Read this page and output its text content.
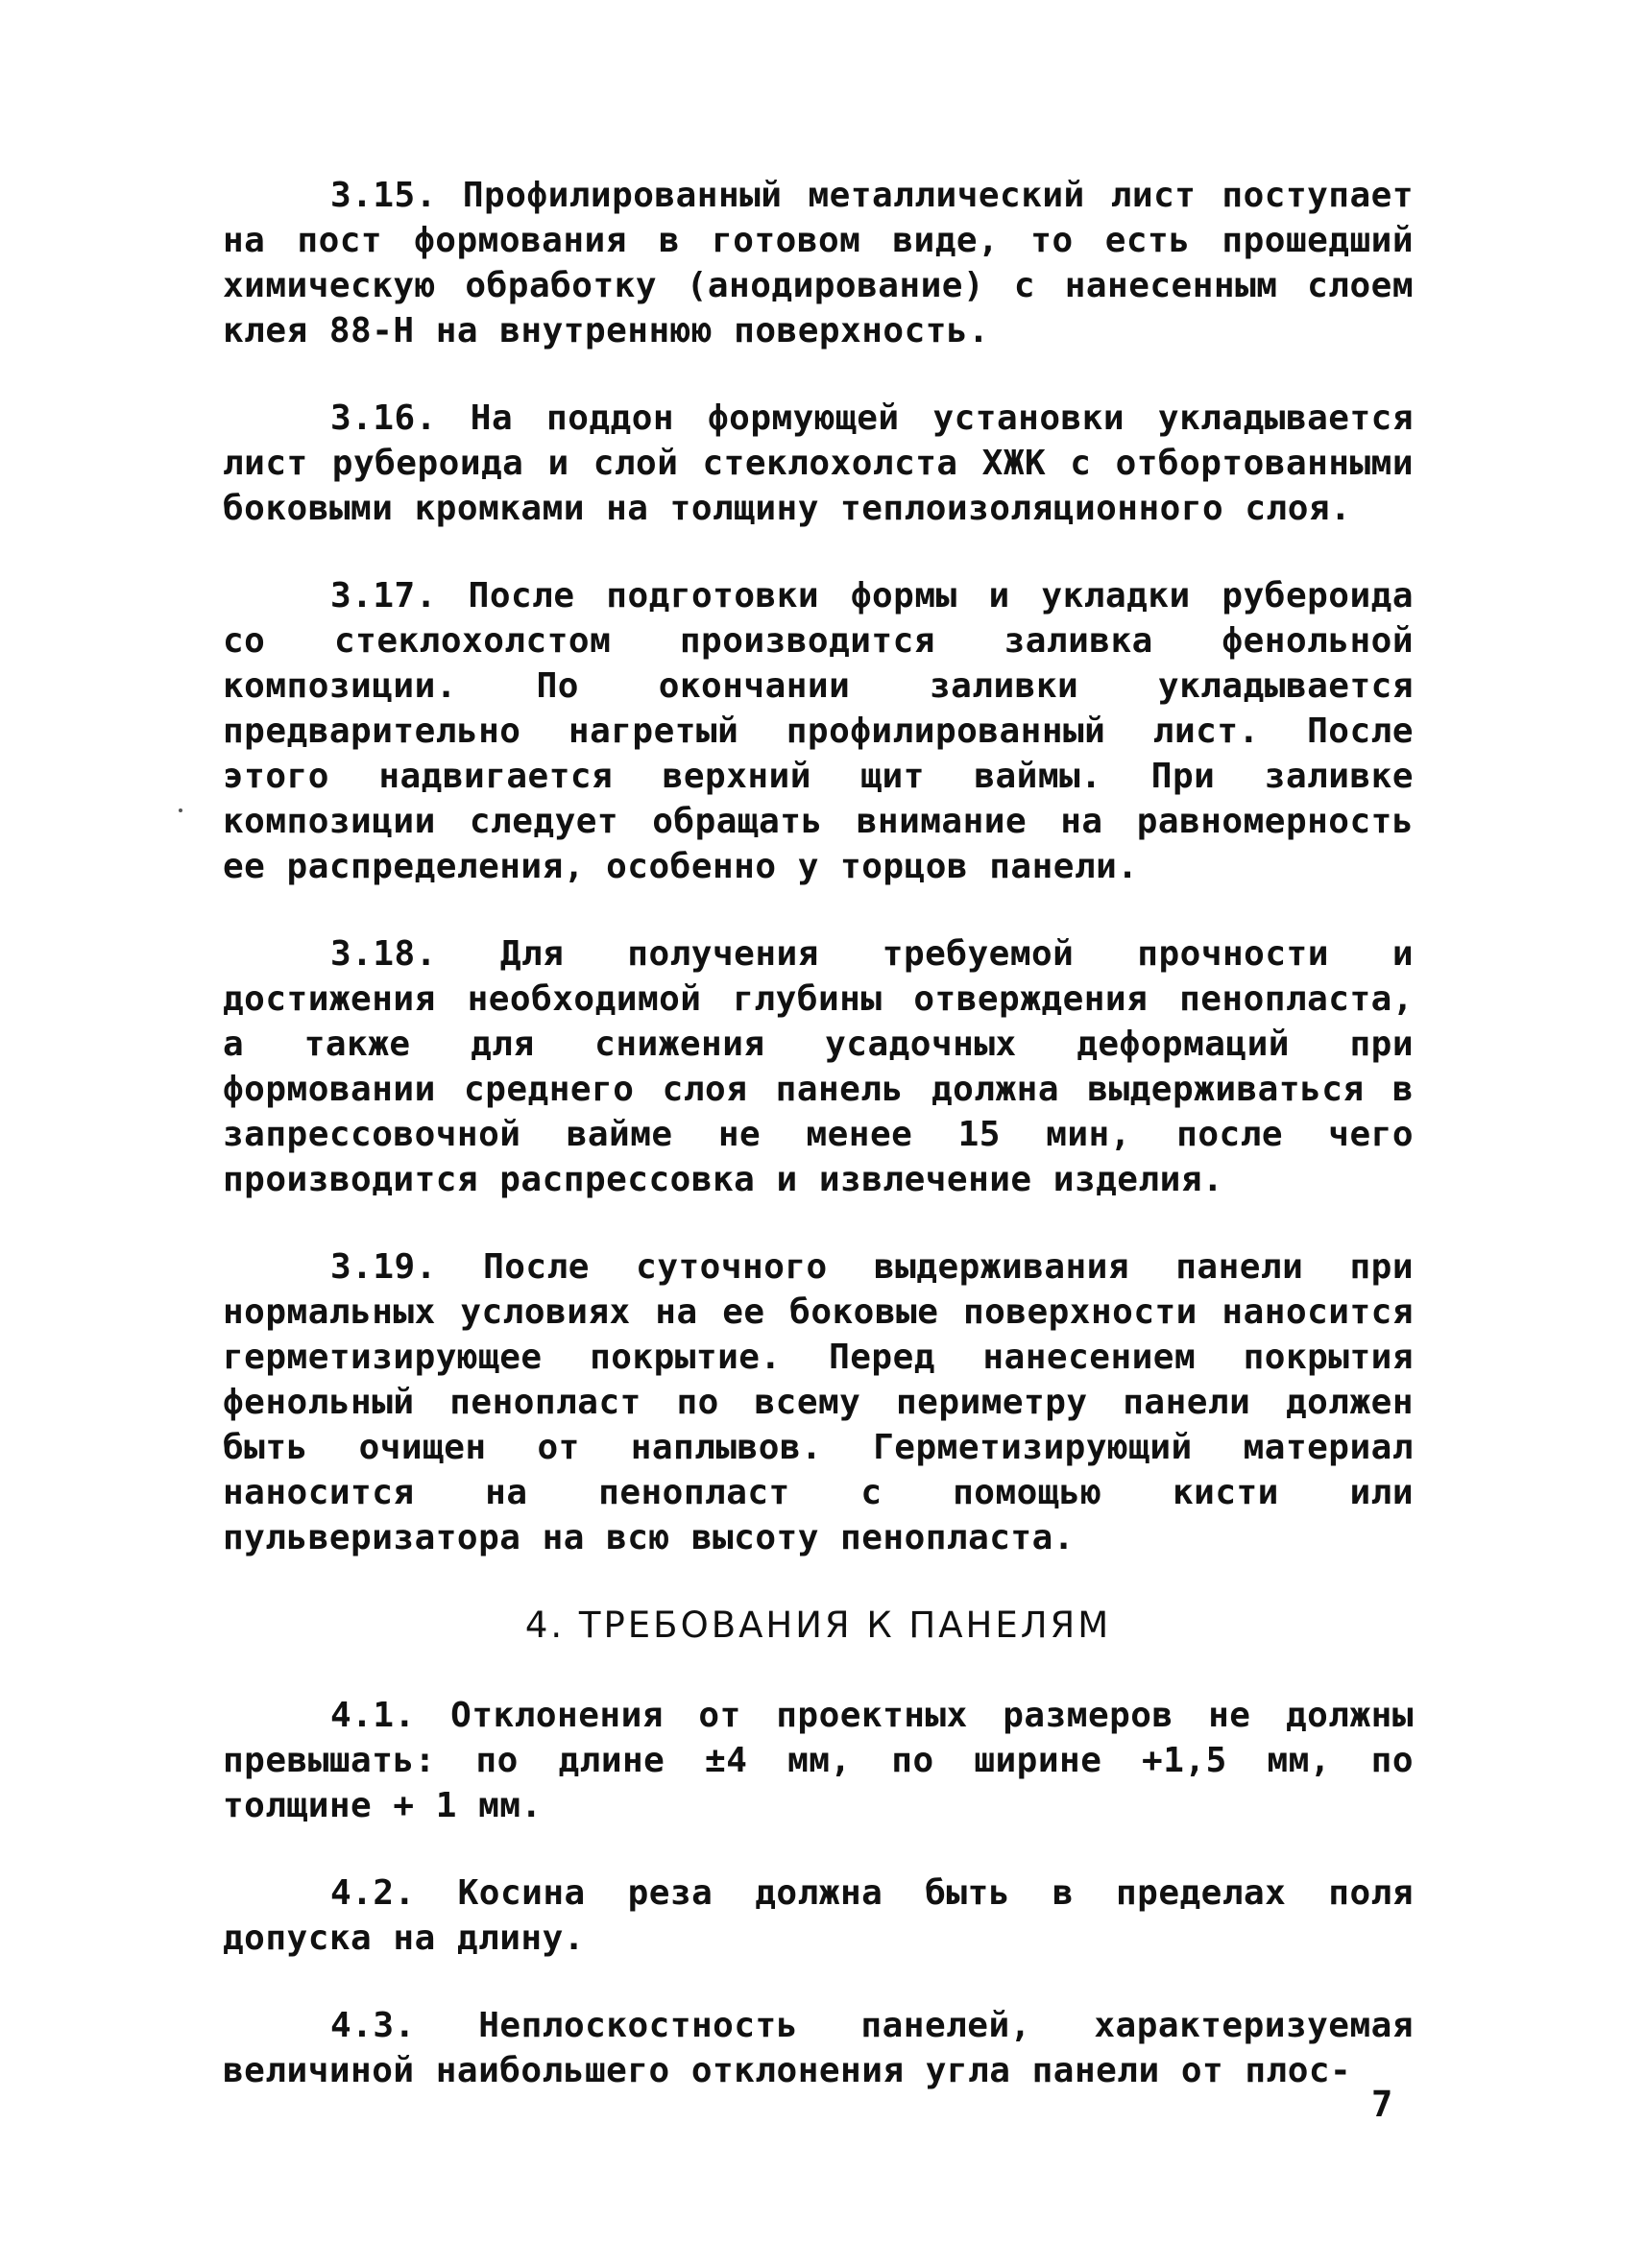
3.15. Профилированный металлический лист поступает на пост формования в готовом виде, то есть прошедший химическую обработку (анодирование) с нанесенным слоем клея 88-Н на внутреннюю поверхность.

3.16. На поддон формующей установки укладывается лист рубероида и слой стеклохолста ХЖК с отбортованными боковыми кромками на толщину теплоизоляционного слоя.

3.17. После подготовки формы и укладки рубероида со стеклохолстом производится заливка фенольной композиции. По окончании заливки укладывается предварительно нагретый профилированный лист. После этого надвигается верхний щит ваймы. При заливке композиции следует обращать внимание на равномерность ее распределения, особенно у торцов панели.

3.18. Для получения требуемой прочности и достижения необходимой глубины отверждения пенопласта, а также для снижения усадочных деформаций при формовании среднего слоя панель должна выдерживаться в запрессовочной вайме не менее 15 мин, после чего производится распрессовка и извлечение изделия.

3.19. После суточного выдерживания панели при нормальных условиях на ее боковые поверхности наносится герметизирующее покрытие. Перед нанесением покрытия фенольный пенопласт по всему периметру панели должен быть очищен от наплывов. Герметизирующий материал наносится на пенопласт с помощью кисти или пульверизатора на всю высоту пенопласта.

4. ТРЕБОВАНИЯ К ПАНЕЛЯМ

4.1. Отклонения от проектных размеров не должны превышать: по длине ±4 мм, по ширине +1,5 мм, по толщине + 1 мм.

4.2. Косина реза должна быть в пределах поля допуска на длину.

4.3. Неплоскостность панелей, характеризуемая величиной наибольшего отклонения угла панели от плос-

7
